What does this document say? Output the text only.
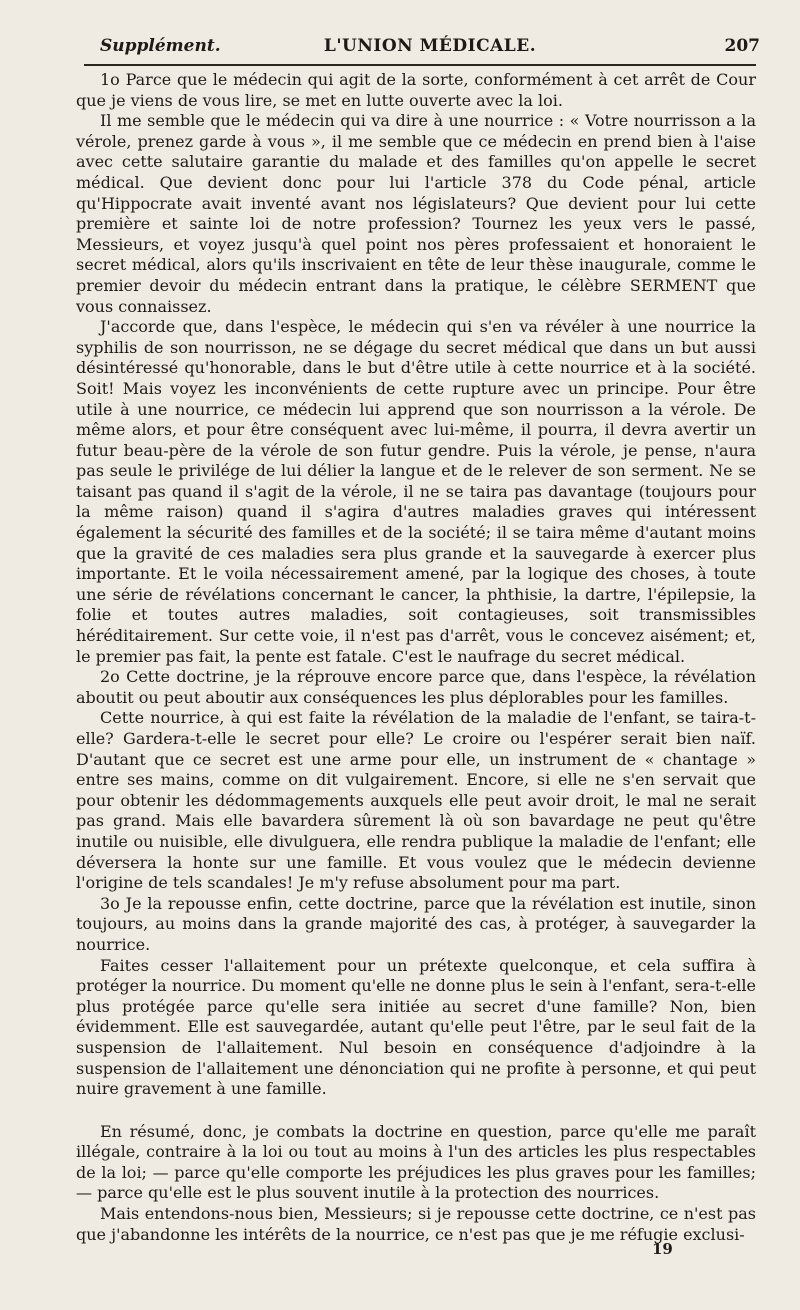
Supplément.	L'UNION MÉDICALE.	207

1o Parce que le médecin qui agit de la sorte, conformément à cet arrêt de Cour que je viens de vous lire, se met en lutte ouverte avec la loi.

Il me semble que le médecin qui va dire à une nourrice : « Votre nourrisson a la vérole, prenez garde à vous », il me semble que ce médecin en prend bien à l'aise avec cette salutaire garantie du malade et des familles qu'on appelle le secret médical. Que devient donc pour lui l'article 378 du Code pénal, article qu'Hippocrate avait inventé avant nos législateurs? Que devient pour lui cette première et sainte loi de notre profession? Tournez les yeux vers le passé, Messieurs, et voyez jusqu'à quel point nos pères professaient et honoraient le secret médical, alors qu'ils inscrivaient en tête de leur thèse inaugurale, comme le premier devoir du médecin entrant dans la pratique, le célèbre SERMENT que vous connaissez.

J'accorde que, dans l'espèce, le médecin qui s'en va révéler à une nourrice la syphilis de son nourrisson, ne se dégage du secret médical que dans un but aussi désintéressé qu'honorable, dans le but d'être utile à cette nourrice et à la société. Soit! Mais voyez les inconvénients de cette rupture avec un principe. Pour être utile à une nourrice, ce médecin lui apprend que son nourrisson a la vérole. De même alors, et pour être conséquent avec lui-même, il pourra, il devra avertir un futur beau-père de la vérole de son futur gendre. Puis la vérole, je pense, n'aura pas seule le privilége de lui délier la langue et de le relever de son serment. Ne se taisant pas quand il s'agit de la vérole, il ne se taira pas davantage (toujours pour la même raison) quand il s'agira d'autres maladies graves qui intéressent également la sécurité des familles et de la société; il se taira même d'autant moins que la gravité de ces maladies sera plus grande et la sauvegarde à exercer plus importante. Et le voila nécessairement amené, par la logique des choses, à toute une série de révélations concernant le cancer, la phthisie, la dartre, l'épilepsie, la folie et toutes autres maladies, soit contagieuses, soit transmissibles héréditairement. Sur cette voie, il n'est pas d'arrêt, vous le concevez aisément; et, le premier pas fait, la pente est fatale. C'est le naufrage du secret médical.

2o Cette doctrine, je la réprouve encore parce que, dans l'espèce, la révélation aboutit ou peut aboutir aux conséquences les plus déplorables pour les familles.

Cette nourrice, à qui est faite la révélation de la maladie de l'enfant, se taira-t-elle? Gardera-t-elle le secret pour elle? Le croire ou l'espérer serait bien naïf. D'autant que ce secret est une arme pour elle, un instrument de « chantage » entre ses mains, comme on dit vulgairement. Encore, si elle ne s'en servait que pour obtenir les dédommagements auxquels elle peut avoir droit, le mal ne serait pas grand. Mais elle bavardera sûrement là où son bavardage ne peut qu'être inutile ou nuisible, elle divulguera, elle rendra publique la maladie de l'enfant; elle déversera la honte sur une famille. Et vous voulez que le médecin devienne l'origine de tels scandales! Je m'y refuse absolument pour ma part.

3o Je la repousse enfin, cette doctrine, parce que la révélation est inutile, sinon toujours, au moins dans la grande majorité des cas, à protéger, à sauvegarder la nourrice.

Faites cesser l'allaitement pour un prétexte quelconque, et cela suffira à protéger la nourrice. Du moment qu'elle ne donne plus le sein à l'enfant, sera-t-elle plus protégée parce qu'elle sera initiée au secret d'une famille? Non, bien évidemment. Elle est sauvegardée, autant qu'elle peut l'être, par le seul fait de la suspension de l'allaitement. Nul besoin en conséquence d'adjoindre à la suspension de l'allaitement une dénonciation qui ne profite à personne, et qui peut nuire gravement à une famille.

En résumé, donc, je combats la doctrine en question, parce qu'elle me paraît illégale, contraire à la loi ou tout au moins à l'un des articles les plus respectables de la loi; — parce qu'elle comporte les préjudices les plus graves pour les familles; — parce qu'elle est le plus souvent inutile à la protection des nourrices.

Mais entendons-nous bien, Messieurs; si je repousse cette doctrine, ce n'est pas que j'abandonne les intérêts de la nourrice, ce n'est pas que je me réfugie exclusi-

19
